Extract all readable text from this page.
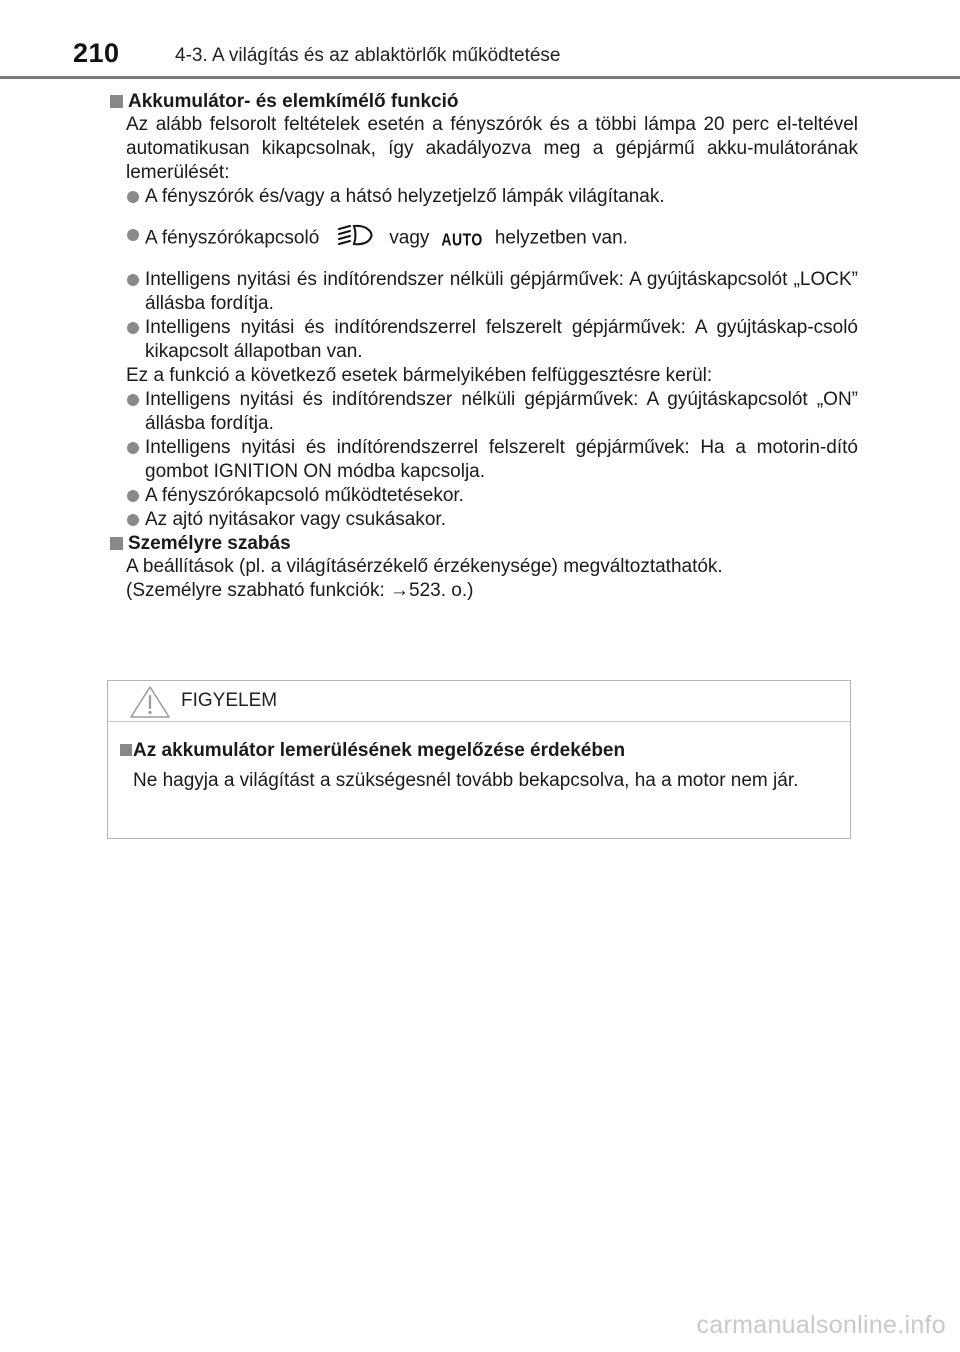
210	4-3. A világítás és az ablaktörlők működtetése
Akkumulátor- és elemkímélő funkció

Az alább felsorolt feltételek esetén a fényszórók és a többi lámpa 20 perc el-teltével automatikusan kikapcsolnak, így akadályozva meg a gépjármű akku-mulátorának lemerülését:

A fényszórók és/vagy a hátsó helyzetjelző lámpák világítanak.
A fényszórókapcsoló	vagy AUTO helyzetben van.
Intelligens nyitási és indítórendszer nélküli gépjárművek: A gyújtáskapcsolót „LOCK” állásba fordítja.
Intelligens nyitási és indítórendszerrel felszerelt gépjárművek: A gyújtáskap-csoló kikapcsolt állapotban van.

Ez a funkció a következő esetek bármelyikében felfüggesztésre kerül:

Intelligens nyitási és indítórendszer nélküli gépjárművek: A gyújtáskapcsolót „ON” állásba fordítja.
Intelligens nyitási és indítórendszerrel felszerelt gépjárművek: Ha a motorin-dító gombot IGNITION ON módba kapcsolja.
A fényszórókapcsoló működtetésekor.
Az ajtó nyitásakor vagy csukásakor.
Személyre szabás

A beállítások (pl. a világításérzékelő érzékenysége) megváltoztathatók.

(Személyre szabható funkciók: →523. o.)

FIGYELEM
Az akkumulátor lemerülésének megelőzése érdekében

Ne hagyja a világítást a szükségesnél tovább bekapcsolva, ha a motor nem jár.

carmanualsonline.info
